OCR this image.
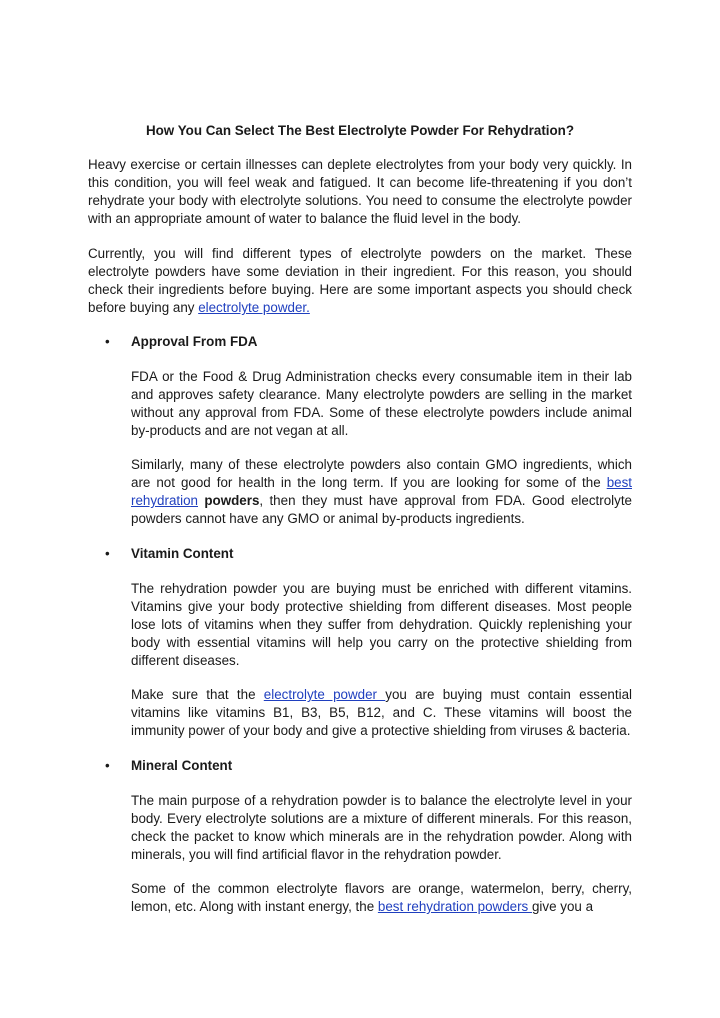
How You Can Select The Best Electrolyte Powder For Rehydration?

Heavy exercise or certain illnesses can deplete electrolytes from your body very quickly. In this condition, you will feel weak and fatigued. It can become life-threatening if you don’t rehydrate your body with electrolyte solutions. You need to consume the electrolyte powder with an appropriate amount of water to balance the fluid level in the body.

Currently, you will find different types of electrolyte powders on the market. These electrolyte powders have some deviation in their ingredient. For this reason, you should check their ingredients before buying. Here are some important aspects you should check before buying any electrolyte powder.

• Approval From FDA

FDA or the Food & Drug Administration checks every consumable item in their lab and approves safety clearance. Many electrolyte powders are selling in the market without any approval from FDA. Some of these electrolyte powders include animal by-products and are not vegan at all.

Similarly, many of these electrolyte powders also contain GMO ingredients, which are not good for health in the long term. If you are looking for some of the best rehydration powders, then they must have approval from FDA. Good electrolyte powders cannot have any GMO or animal by-products ingredients.

• Vitamin Content

The rehydration powder you are buying must be enriched with different vitamins. Vitamins give your body protective shielding from different diseases. Most people lose lots of vitamins when they suffer from dehydration. Quickly replenishing your body with essential vitamins will help you carry on the protective shielding from different diseases.

Make sure that the electrolyte powder you are buying must contain essential vitamins like vitamins B1, B3, B5, B12, and C. These vitamins will boost the immunity power of your body and give a protective shielding from viruses & bacteria.

• Mineral Content

The main purpose of a rehydration powder is to balance the electrolyte level in your body. Every electrolyte solutions are a mixture of different minerals. For this reason, check the packet to know which minerals are in the rehydration powder. Along with minerals, you will find artificial flavor in the rehydration powder.

Some of the common electrolyte flavors are orange, watermelon, berry, cherry, lemon, etc. Along with instant energy, the best rehydration powders give you a
